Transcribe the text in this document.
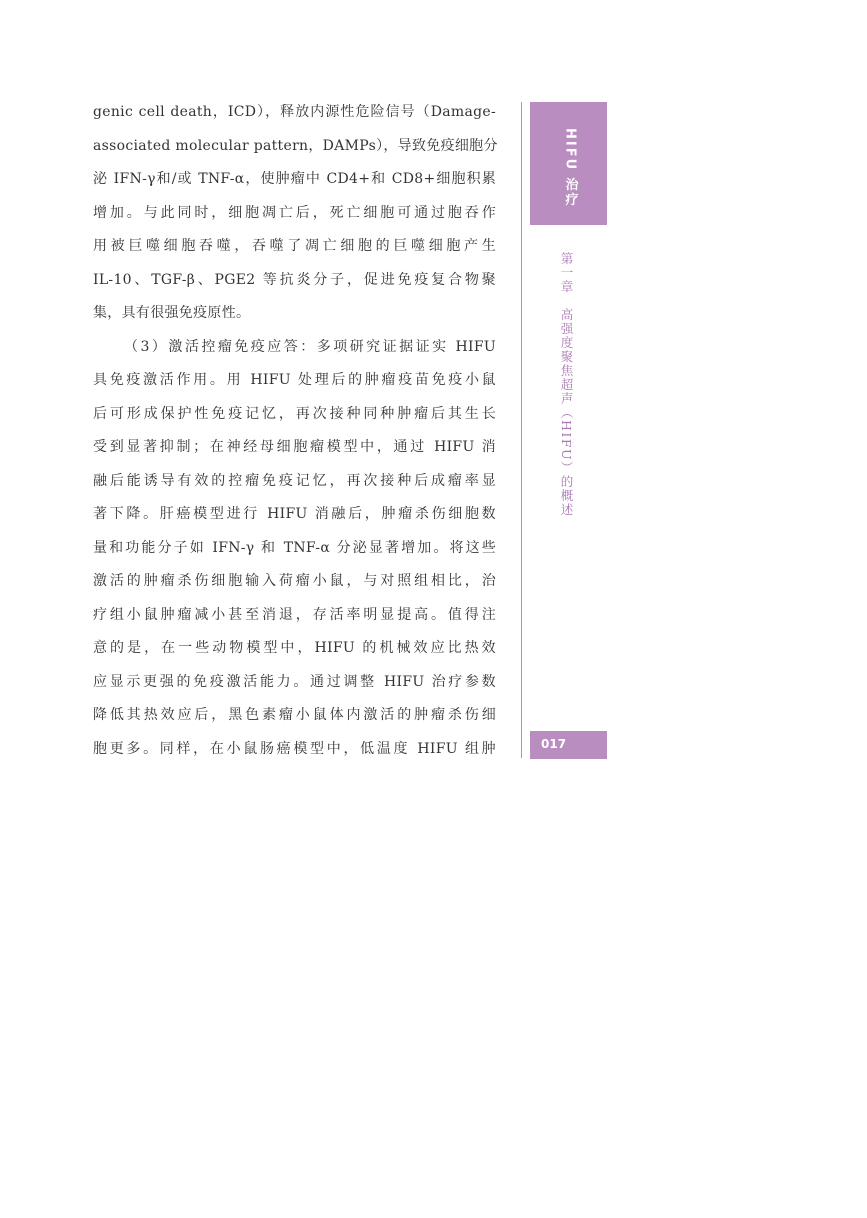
genic cell death，ICD），释放内源性危险信号（Damage-
associated molecular pattern，DAMPs），导致免疫细胞分
泌 IFN-γ和/或 TNF-α，使肿瘤中 CD4+和 CD8+细胞积累
增加。与此同时，细胞凋亡后，死亡细胞可通过胞吞作
用被巨噬细胞吞噬，吞噬了凋亡细胞的巨噬细胞产生
IL-10、TGF-β、PGE2 等抗炎分子，促进免疫复合物聚
集，具有很强免疫原性。
（3）激活控瘤免疫应答：多项研究证据证实 HIFU
具免疫激活作用。用 HIFU 处理后的肿瘤疫苗免疫小鼠
后可形成保护性免疫记忆，再次接种同种肿瘤后其生长
受到显著抑制；在神经母细胞瘤模型中，通过 HIFU 消
融后能诱导有效的控瘤免疫记忆，再次接种后成瘤率显
著下降。肝癌模型进行 HIFU 消融后，肿瘤杀伤细胞数
量和功能分子如 IFN-γ 和 TNF-α 分泌显著增加。将这些
激活的肿瘤杀伤细胞输入荷瘤小鼠，与对照组相比，治
疗组小鼠肿瘤减小甚至消退，存活率明显提高。值得注
意的是，在一些动物模型中，HIFU 的机械效应比热效
应显示更强的免疫激活能力。通过调整 HIFU 治疗参数
降低其热效应后，黑色素瘤小鼠体内激活的肿瘤杀伤细
胞更多。同样，在小鼠肠癌模型中，低温度 HIFU 组肿
HIFU 治疗
第一章　高强度聚焦超声（HIFU）的概述
017
